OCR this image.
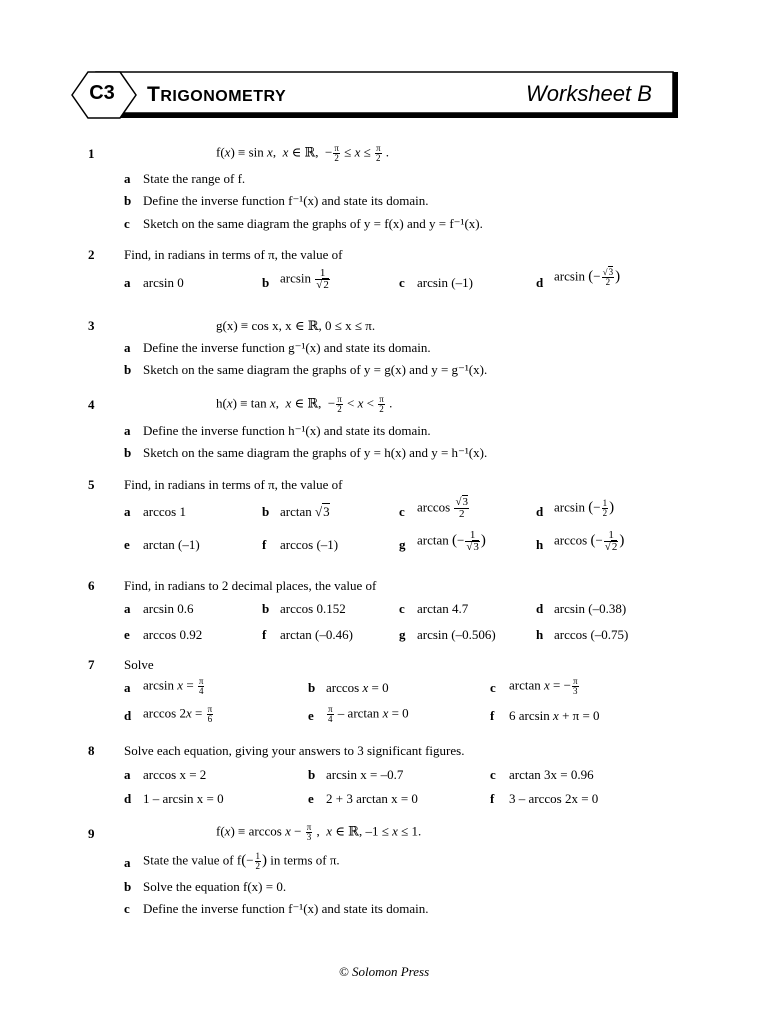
C3	TRIGONOMETRY	Worksheet B
1	f(x) ≡ sin x,  x ∈ ℝ,  − $\frac{\pi}{2} \le x \le \frac{\pi}{2}$ .
a State the range of f.
b Define the inverse function f⁻¹(x) and state its domain.
c Sketch on the same diagram the graphs of y = f(x) and y = f⁻¹(x).
2 Find, in radians in terms of π, the value of
a arcsin 0	b $\arcsin \frac{1}{√2}$	c arcsin (–1)	d arcsin (− $\frac{√3}{2}$ )
3	g(x) ≡ cos x, x ∈ ℝ, 0 ≤ x ≤ π.
a Define the inverse function g⁻¹(x) and state its domain.
b Sketch on the same diagram the graphs of y = g(x) and y = g⁻¹(x).
4	h(x) ≡ tan x,  x ∈ ℝ,  − $\frac{\pi}{2} < x < \frac{\pi}{2}$ .
a Define the inverse function h⁻¹(x) and state its domain.
b Sketch on the same diagram the graphs of y = h(x) and y = h⁻¹(x).
5 Find, in radians in terms of π, the value of
a arccos 1	b arctan √3	c $\arccos \frac{√3}{2}$	d arcsin (− $\frac{1}{2}$ )
e arctan (–1)	f arccos (–1)	g arctan (− $\frac{1}{√3}$ )	h arccos (− $\frac{1}{√2}$ )
6 Find, in radians to 2 decimal places, the value of
a arcsin 0.6	b arccos 0.152	c arctan 4.7	d arcsin (–0.38)
e arccos 0.92	f arctan (–0.46)	g arcsin (–0.506)	h arccos (–0.75)
7 Solve
a $\arcsin x = \frac{\pi}{4}$	b arccos x = 0	c arctan x = − $\frac{\pi}{3}$
d $\arccos 2x = \frac{\pi}{6}$	e $\frac{\pi}{4} - \arctan x = 0$	f 6 arcsin x + π = 0
8 Solve each equation, giving your answers to 3 significant figures.
a arccos x = 2	b arcsin x = –0.7	c arctan 3x = 0.96
d 1 – arcsin x = 0	e 2 + 3 arctan x = 0	f 3 – arccos 2x = 0
9	$f(x) \equiv \arccos x - \frac{\pi}{3}$ ,  x ∈ ℝ, –1 ≤ x ≤ 1.
a State the value of $f(- \frac{1}{2}$ ) in terms of π.
b Solve the equation f(x) = 0.
c Define the inverse function f⁻¹(x) and state its domain.
© Solomon Press
